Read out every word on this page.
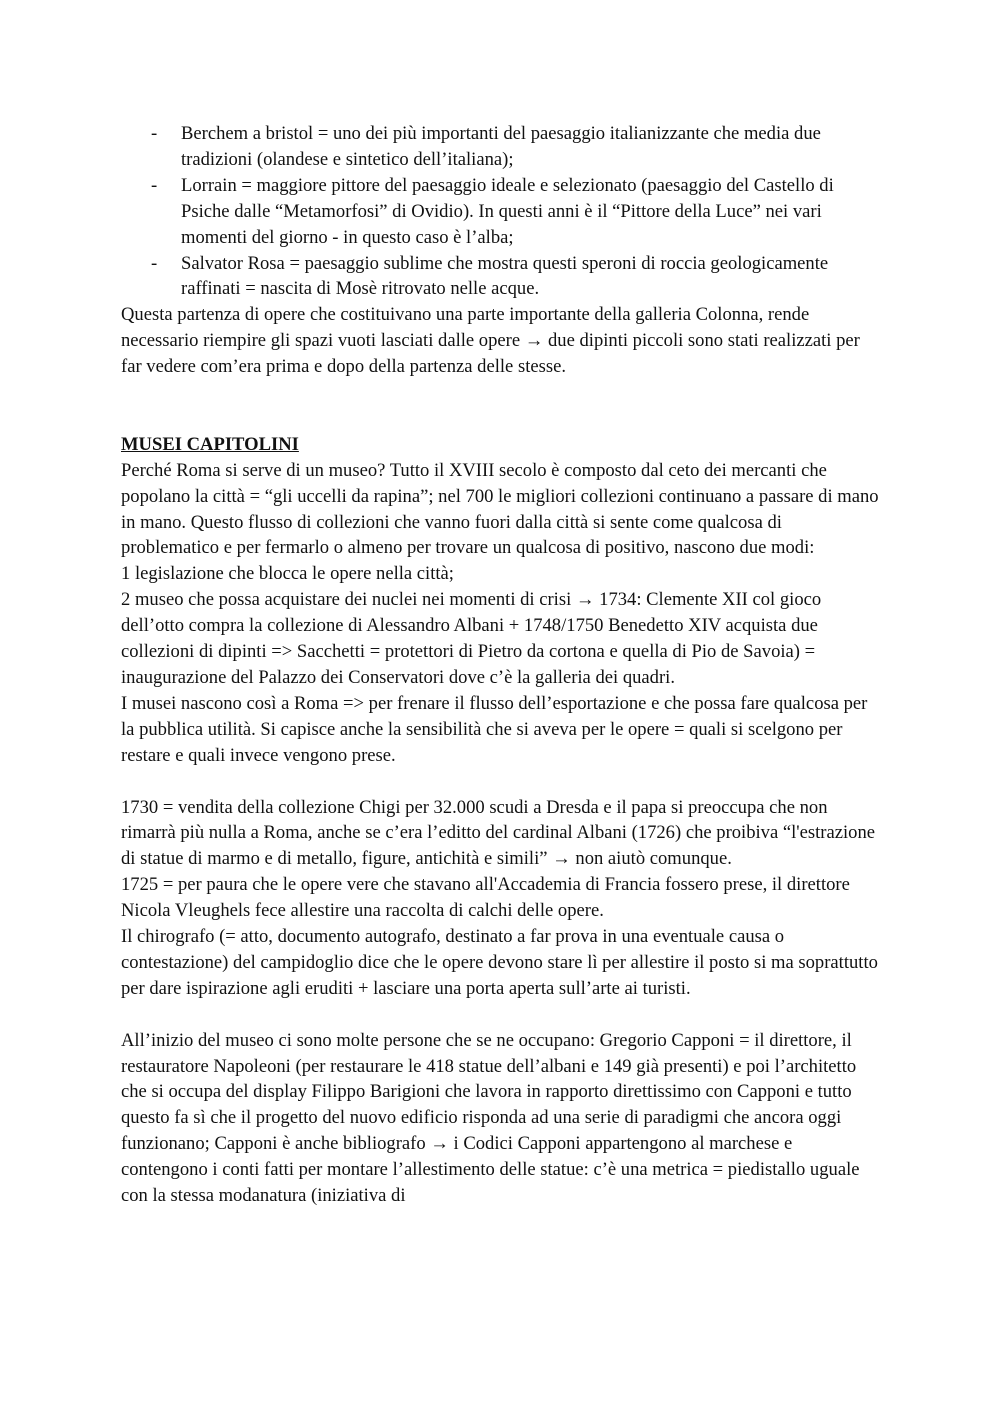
- Berchem a bristol = uno dei più importanti del paesaggio italianizzante che media due tradizioni (olandese e sintetico dell’italiana);
- Lorrain = maggiore pittore del paesaggio ideale e selezionato (paesaggio del Castello di Psiche dalle “Metamorfosi” di Ovidio). In questi anni è il “Pittore della Luce” nei vari momenti del giorno - in questo caso è l’alba;
- Salvator Rosa = paesaggio sublime che mostra questi speroni di roccia geologicamente raffinati = nascita di Mosè ritrovato nelle acque.

Questa partenza di opere che costituivano una parte importante della galleria Colonna, rende necessario riempire gli spazi vuoti lasciati dalle opere → due dipinti piccoli sono stati realizzati per far vedere com’era prima e dopo della partenza delle stesse.

MUSEI CAPITOLINI

Perché Roma si serve di un museo? Tutto il XVIII secolo è composto dal ceto dei mercanti che popolano la città = “gli uccelli da rapina”; nel 700 le migliori collezioni continuano a passare di mano in mano. Questo flusso di collezioni che vanno fuori dalla città si sente come qualcosa di problematico e per fermarlo o almeno per trovare un qualcosa di positivo, nascono due modi:

1 legislazione che blocca le opere nella città;

2 museo che possa acquistare dei nuclei nei momenti di crisi → 1734: Clemente XII col gioco dell’otto compra la collezione di Alessandro Albani + 1748/1750 Benedetto XIV acquista due collezioni di dipinti => Sacchetti = protettori di Pietro da cortona e quella di Pio de Savoia) = inaugurazione del Palazzo dei Conservatori dove c’è la galleria dei quadri.

I musei nascono così a Roma => per frenare il flusso dell’esportazione e che possa fare qualcosa per la pubblica utilità. Si capisce anche la sensibilità che si aveva per le opere = quali si scelgono per restare e quali invece vengono prese.

1730 = vendita della collezione Chigi per 32.000 scudi a Dresda e il papa si preoccupa che non rimarrà più nulla a Roma, anche se c’era l’editto del cardinal Albani (1726) che proibiva “l'estrazione di statue di marmo e di metallo, figure, antichità e simili” → non aiutò comunque.

1725 = per paura che le opere vere che stavano all'Accademia di Francia fossero prese, il direttore Nicola Vleughels fece allestire una raccolta di calchi delle opere.

Il chirografo (= atto, documento autografo, destinato a far prova in una eventuale causa o contestazione) del campidoglio dice che le opere devono stare lì per allestire il posto si ma soprattutto per dare ispirazione agli eruditi + lasciare una porta aperta sull’arte ai turisti.

All’inizio del museo ci sono molte persone che se ne occupano: Gregorio Capponi = il direttore, il restauratore Napoleoni (per restaurare le 418 statue dell’albani e 149 già presenti) e poi l’architetto che si occupa del display Filippo Barigioni che lavora in rapporto direttissimo con Capponi e tutto questo fa sì che il progetto del nuovo edificio risponda ad una serie di paradigmi che ancora oggi funzionano; Capponi è anche bibliografo → i Codici Capponi appartengono al marchese e contengono i conti fatti per montare l’allestimento delle statue: c’è una metrica = piedistallo uguale con la stessa modanatura (iniziativa di
